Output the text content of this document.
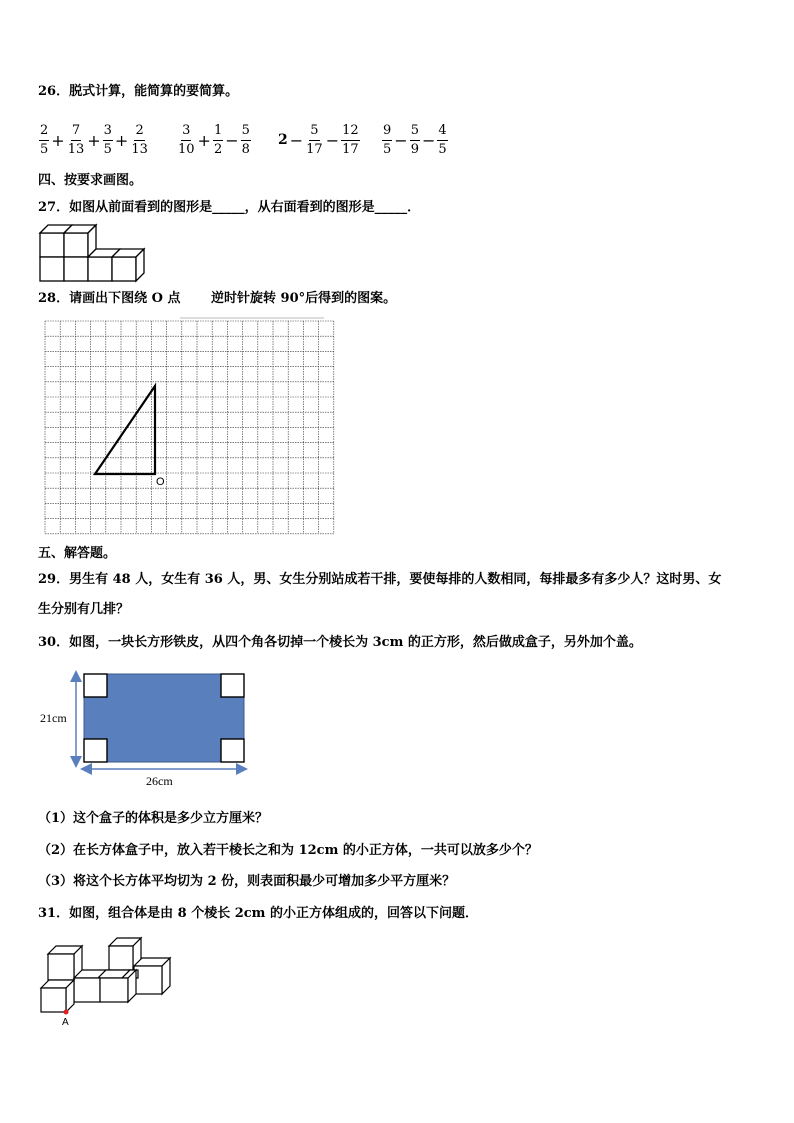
26．脱式计算，能简算的要简算。
$\frac{2}{5} + \frac{7}{13} + \frac{3}{5} + \frac{2}{13} \frac{3}{10} + \frac{1}{2} - \frac{5}{8} 2 - \frac{5}{17} - \frac{12}{17} \frac{9}{5} - \frac{5}{9} - \frac{4}{5}$
四、按要求画图。
27．如图从前面看到的图形是_____，从右面看到的图形是_____．
28．请画出下图绕 O 点 逆时针旋转 90°后得到的图案。
O
五、解答题。
29．男生有 48 人，女生有 36 人，男、女生分别站成若干排，要使每排的人数相同，每排最多有多少人？这时男、女
生分别有几排？
30．如图，一块长方形铁皮，从四个角各切掉一个棱长为 3cm 的正方形，然后做成盒子，另外加个盖。
21cm
26cm
（1）这个盒子的体积是多少立方厘米？
（2）在长方体盒子中，放入若干棱长之和为 12cm 的小正方体，一共可以放多少个？
（3）将这个长方体平均切为 2 份，则表面积最少可增加多少平方厘米？
31．如图，组合体是由 8 个棱长 2cm 的小正方体组成的，回答以下问题．
A
